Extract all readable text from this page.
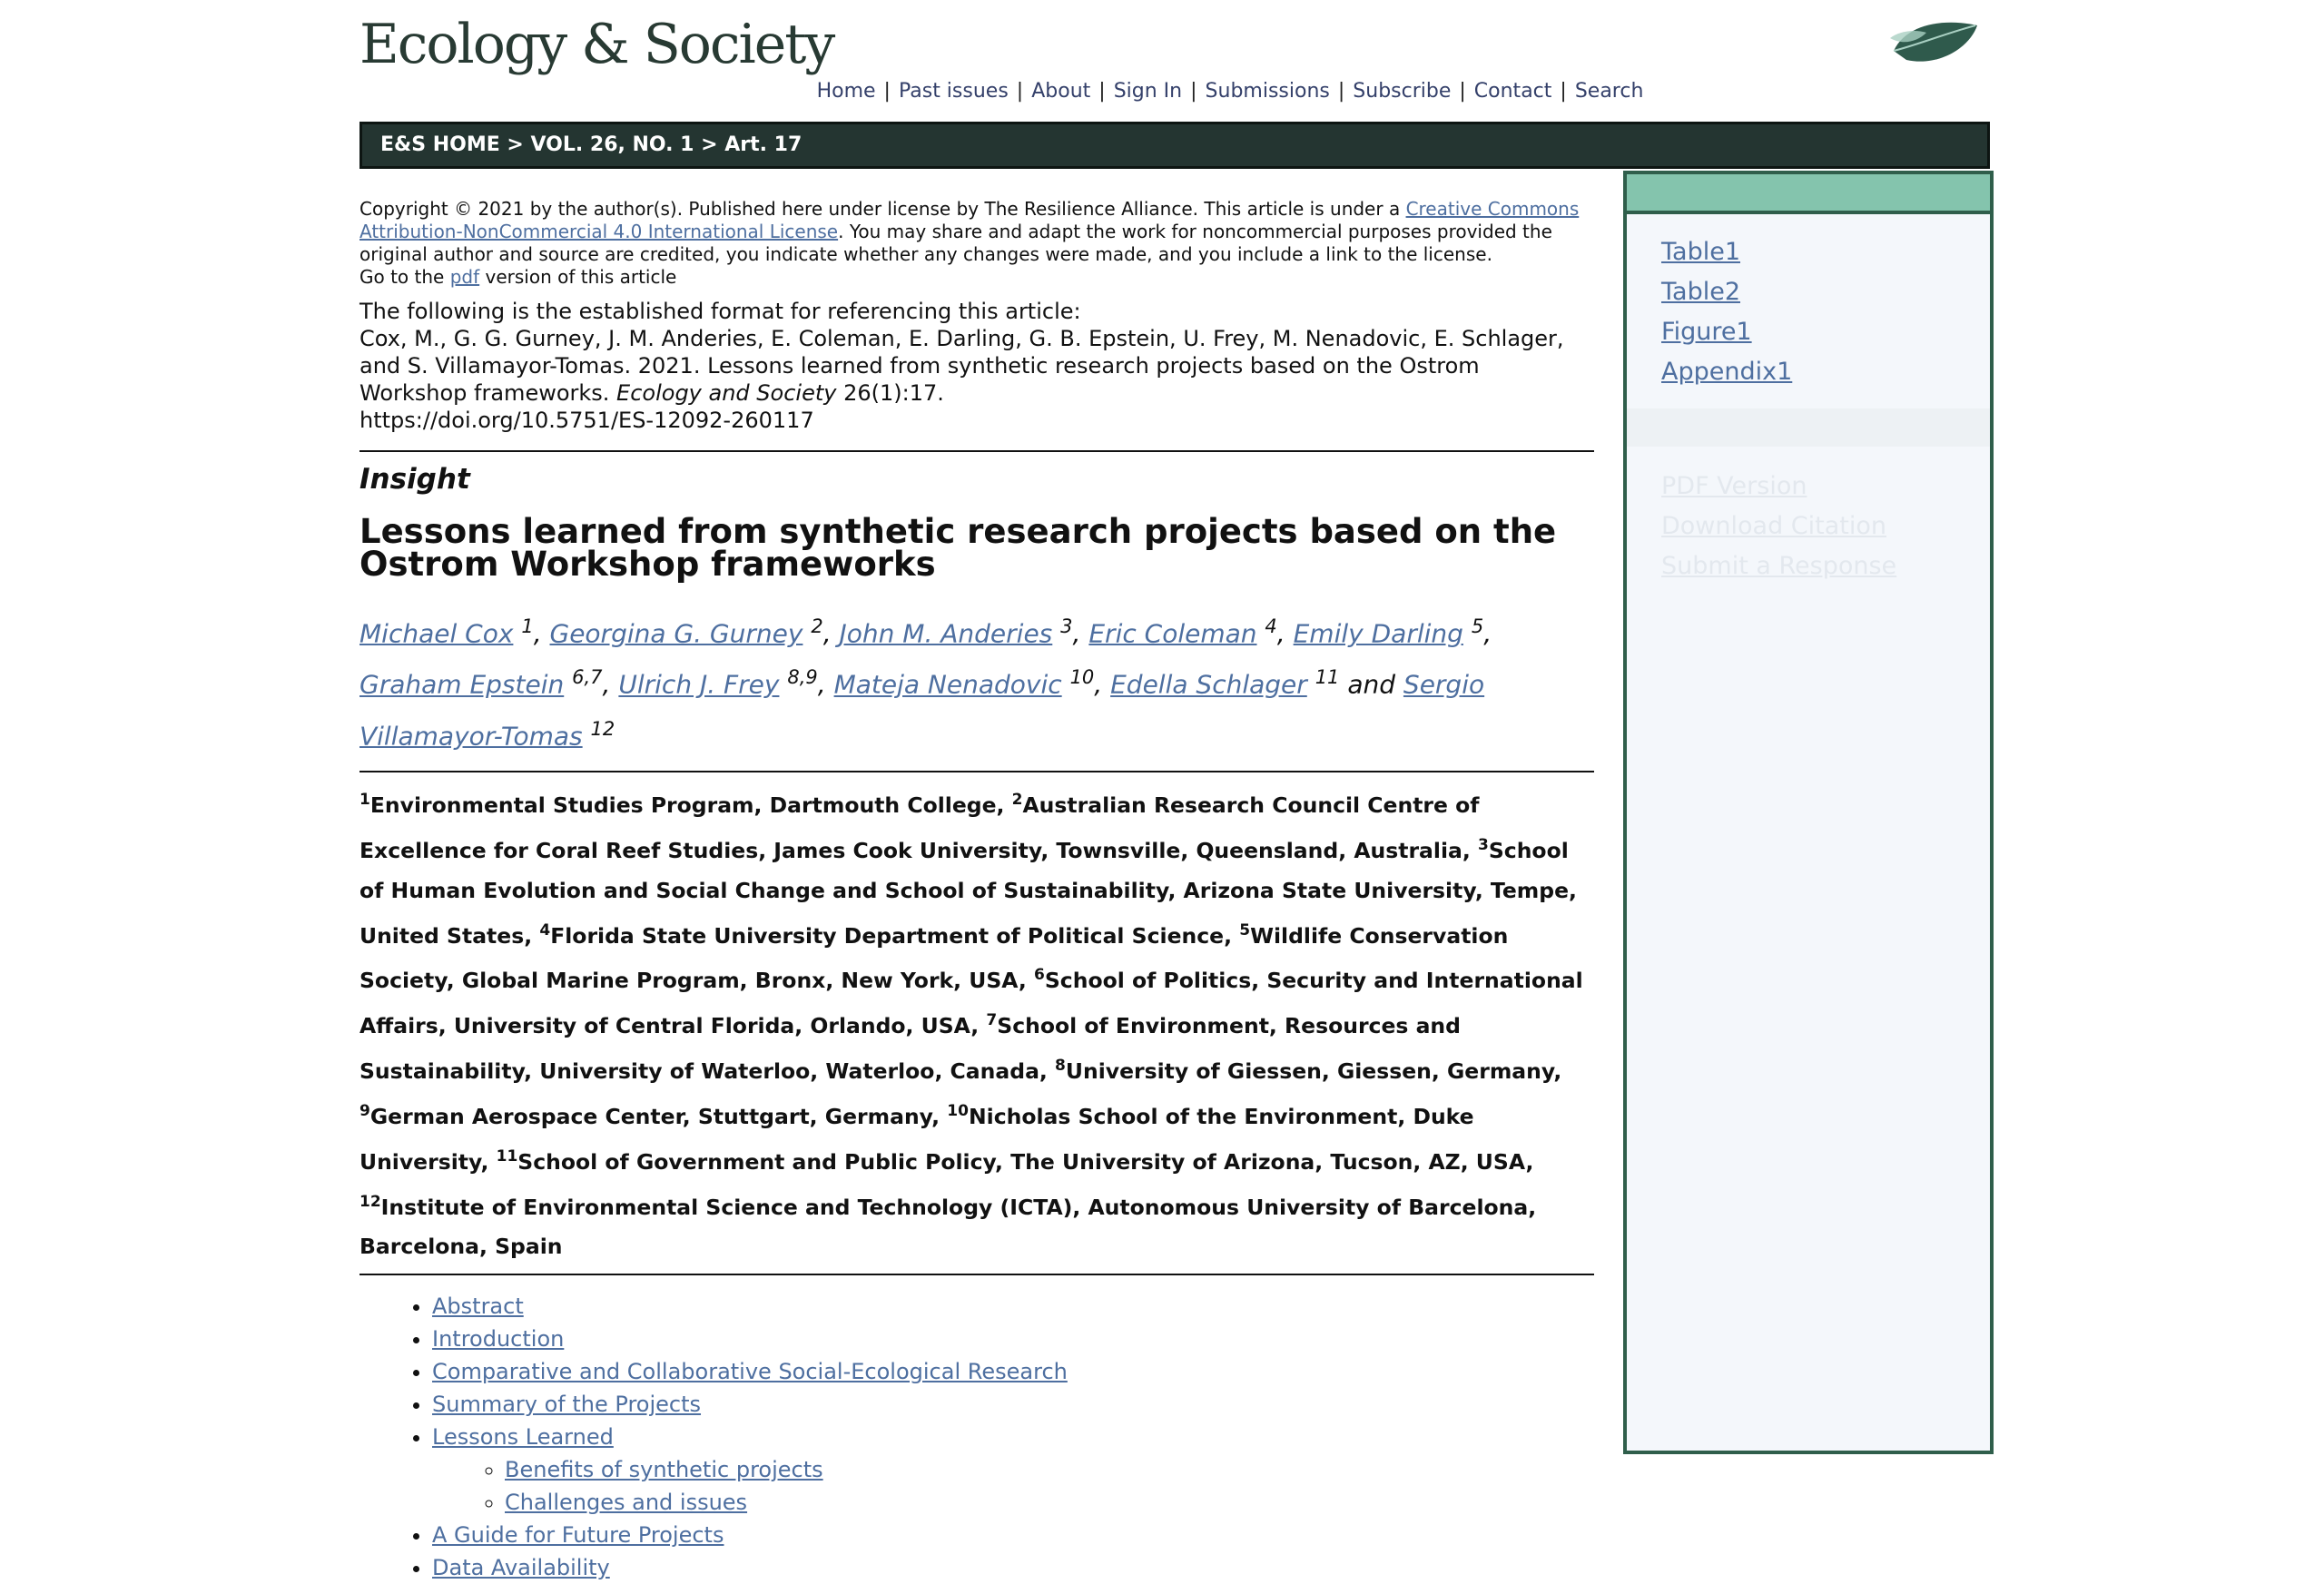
Ecology & Society
Home | Past issues | About | Sign In | Submissions | Subscribe | Contact | Search
E&S HOME > VOL. 26, NO. 1 > Art. 17
Copyright © 2021 by the author(s). Published here under license by The Resilience Alliance. This article is under a Creative Commons Attribution-NonCommercial 4.0 International License. You may share and adapt the work for noncommercial purposes provided the original author and source are credited, you indicate whether any changes were made, and you include a link to the license.
Go to the pdf version of this article
The following is the established format for referencing this article:
Cox, M., G. G. Gurney, J. M. Anderies, E. Coleman, E. Darling, G. B. Epstein, U. Frey, M. Nenadovic, E. Schlager,
and S. Villamayor-Tomas. 2021. Lessons learned from synthetic research projects based on the Ostrom
Workshop frameworks. Ecology and Society 26(1):17.
https://doi.org/10.5751/ES-12092-260117
Insight
Lessons learned from synthetic research projects based on the Ostrom Workshop frameworks
Michael Cox $^1$, Georgina G. Gurney $^2$, John M. Anderies $^3$, Eric Coleman $^4$, Emily Darling $^5$, Graham Epstein $^{6,7}$, Ulrich J. Frey $^{8,9}$, Mateja Nenadovic $^{10}$, Edella Schlager $^{11}$ and Sergio Villamayor-Tomas $^{12}$
$^1$Environmental Studies Program, Dartmouth College, $^2$Australian Research Council Centre of Excellence for Coral Reef Studies, James Cook University, Townsville, Queensland, Australia, $^3$School of Human Evolution and Social Change and School of Sustainability, Arizona State University, Tempe, United States, $^4$Florida State University Department of Political Science, $^5$Wildlife Conservation Society, Global Marine Program, Bronx, New York, USA, $^6$School of Politics, Security and International Affairs, University of Central Florida, Orlando, USA, $^7$School of Environment, Resources and Sustainability, University of Waterloo, Waterloo, Canada, $^8$University of Giessen, Giessen, Germany, $^9$German Aerospace Center, Stuttgart, Germany, $^{10}$Nicholas School of the Environment, Duke University, $^{11}$School of Government and Public Policy, The University of Arizona, Tucson, AZ, USA, $^{12}$Institute of Environmental Science and Technology (ICTA), Autonomous University of Barcelona, Barcelona, Spain
• Abstract
• Introduction
• Comparative and Collaborative Social-Ecological Research
• Summary of the Projects
• Lessons Learned
◦ Benefits of synthetic projects
◦ Challenges and issues
• A Guide for Future Projects
• Data Availability
Table1
Table2
Figure1
Appendix1
PDF Version
Download Citation
Submit a Response
